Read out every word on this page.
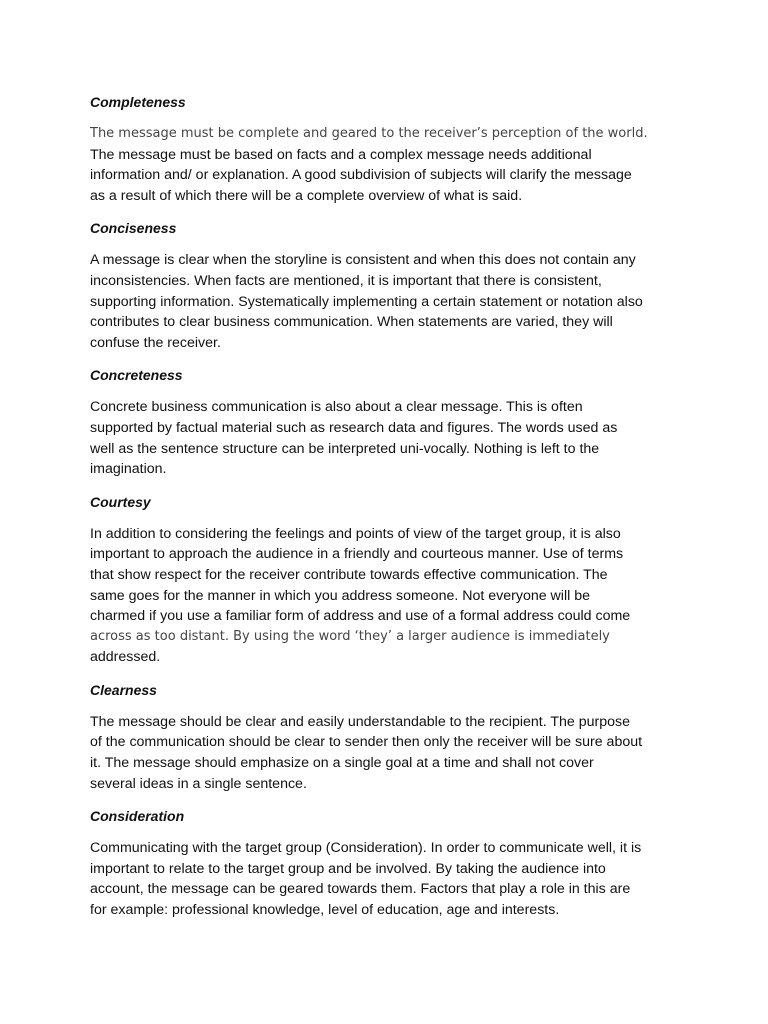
Completeness
The message must be complete and geared to the receiver’s perception of the world.
The message must be based on facts and a complex message needs additional
information and/ or explanation. A good subdivision of subjects will clarify the message
as a result of which there will be a complete overview of what is said.
Conciseness
A message is clear when the storyline is consistent and when this does not contain any
inconsistencies. When facts are mentioned, it is important that there is consistent,
supporting information. Systematically implementing a certain statement or notation also
contributes to clear business communication. When statements are varied, they will
confuse the receiver.
Concreteness
Concrete business communication is also about a clear message. This is often
supported by factual material such as research data and figures. The words used as
well as the sentence structure can be interpreted uni-vocally. Nothing is left to the
imagination.
Courtesy
In addition to considering the feelings and points of view of the target group, it is also
important to approach the audience in a friendly and courteous manner. Use of terms
that show respect for the receiver contribute towards effective communication. The
same goes for the manner in which you address someone. Not everyone will be
charmed if you use a familiar form of address and use of a formal address could come
across as too distant. By using the word ‘they’ a larger audience is immediately
addressed.
Clearness
The message should be clear and easily understandable to the recipient. The purpose
of the communication should be clear to sender then only the receiver will be sure about
it. The message should emphasize on a single goal at a time and shall not cover
several ideas in a single sentence.
Consideration
Communicating with the target group (Consideration). In order to communicate well, it is
important to relate to the target group and be involved. By taking the audience into
account, the message can be geared towards them. Factors that play a role in this are
for example: professional knowledge, level of education, age and interests.
